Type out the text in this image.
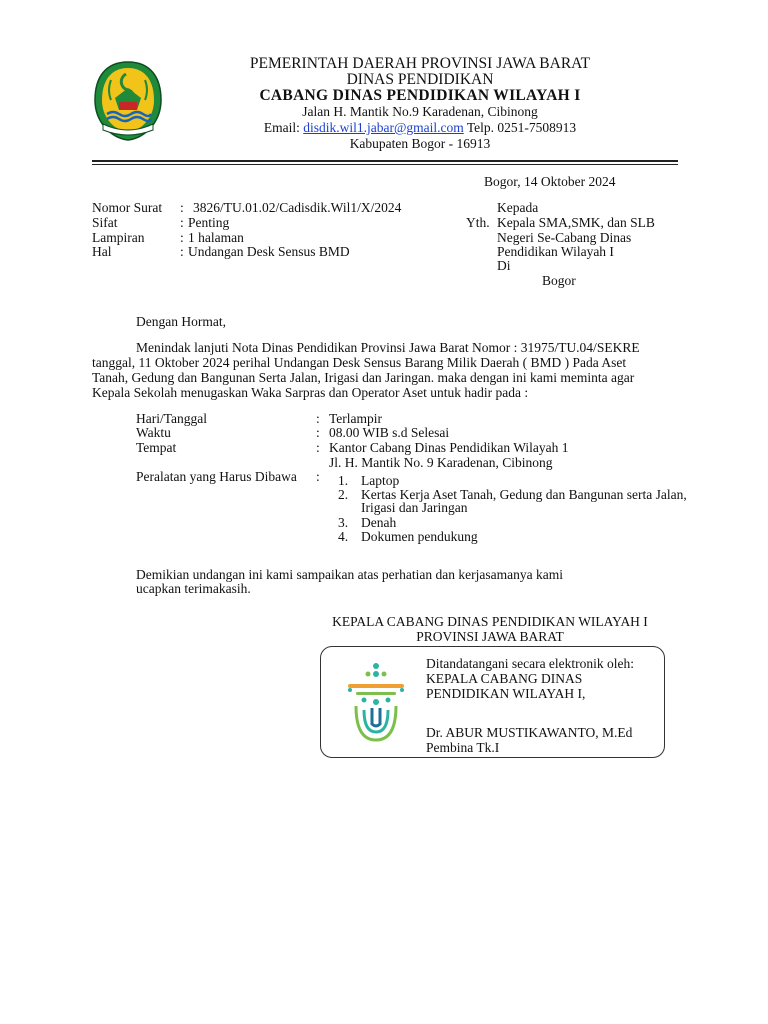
PEMERINTAH DAERAH PROVINSI JAWA BARAT
DINAS PENDIDIKAN
CABANG DINAS PENDIDIKAN WILAYAH I
Jalan H. Mantik No.9 Karadenan, Cibinong
Email: disdik.wil1.jabar@gmail.com Telp. 0251-7508913
Kabupaten Bogor - 16913
Bogor, 14 Oktober 2024
Nomor Surat : 3826/TU.01.02/Cadisdik.Wil1/X/2024
Sifat	: Penting
Lampiran	: 1 halaman
Hal	: Undangan Desk Sensus BMD
Kepada
Yth. Kepala SMA,SMK, dan SLB
Negeri Se-Cabang Dinas
Pendidikan Wilayah I
Di
Bogor
Dengan Hormat,
Menindak lanjuti Nota Dinas Pendidikan Provinsi Jawa Barat Nomor : 31975/TU.04/SEKRE
tanggal, 11 Oktober 2024 perihal Undangan Desk Sensus Barang Milik Daerah ( BMD ) Pada Aset
Tanah, Gedung dan Bangunan Serta Jalan, Irigasi dan Jaringan. maka dengan ini kami meminta agar
Kepala Sekolah menugaskan Waka Sarpras dan Operator Aset untuk hadir pada :
Hari/Tanggal	: Terlampir
Waktu	: 08.00 WIB s.d Selesai
Tempat	: Kantor Cabang Dinas Pendidikan Wilayah 1
Jl. H. Mantik No. 9 Karadenan, Cibinong
Peralatan yang Harus Dibawa : 1. Laptop
2. Kertas Kerja Aset Tanah, Gedung dan Bangunan serta Jalan,
Irigasi dan Jaringan
3. Denah
4. Dokumen pendukung
Demikian undangan ini kami sampaikan atas perhatian dan kerjasamanya kami
ucapkan terimakasih.
KEPALA CABANG DINAS PENDIDIKAN WILAYAH I
PROVINSI JAWA BARAT
Ditandatangani secara elektronik oleh:
KEPALA CABANG DINAS
PENDIDIKAN WILAYAH I,
Dr. ABUR MUSTIKAWANTO, M.Ed
Pembina Tk.I
